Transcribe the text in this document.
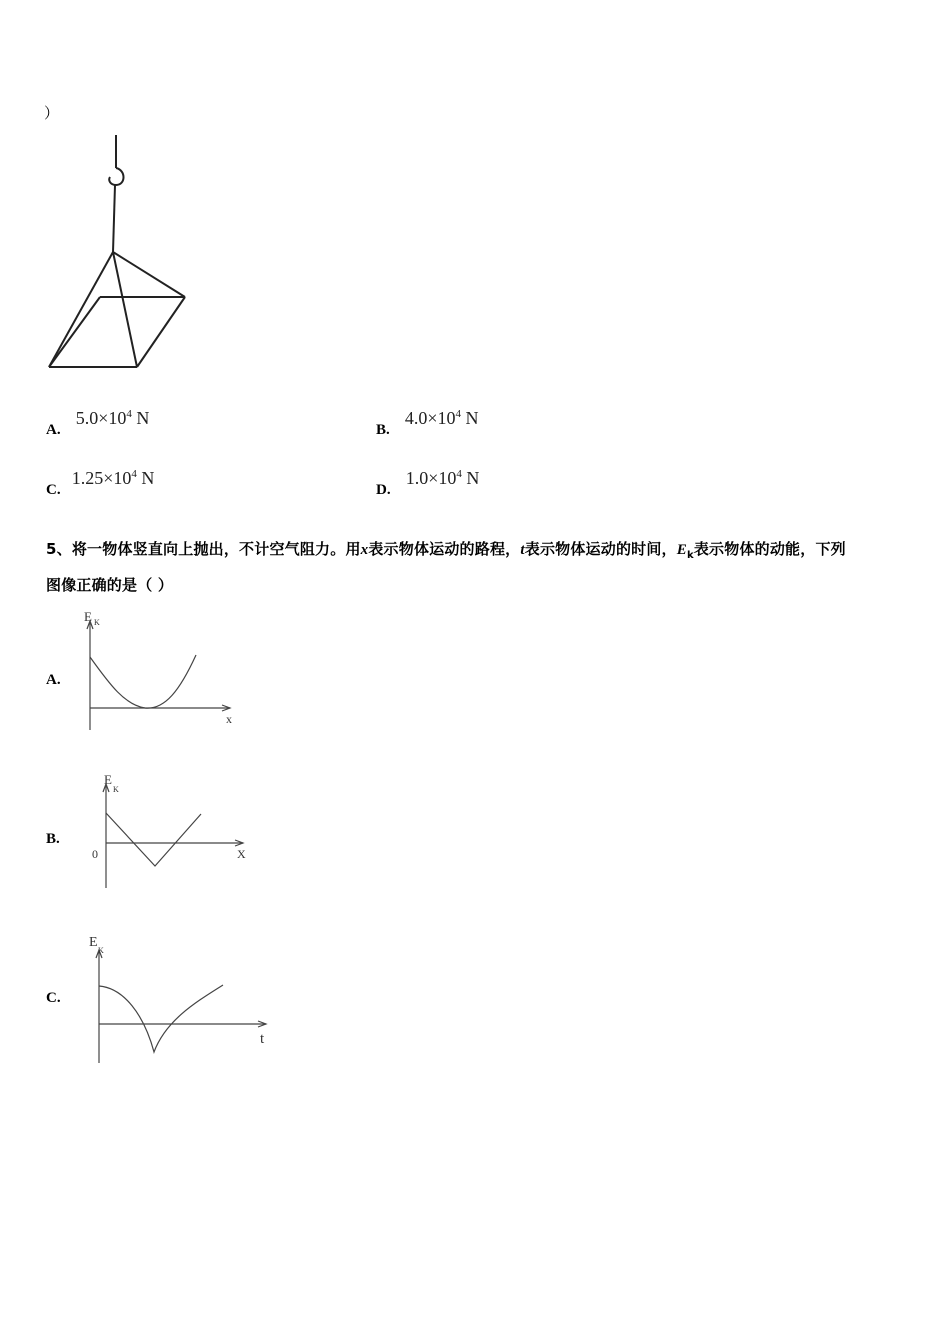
）
A. $5.0\times 10^4$ N
B. $4.0\times 10^4$ N
C. $1.25\times 10^4$ N
D. $1.0\times 10^4$ N
5、将一物体竖直向上抛出，不计空气阻力。用x表示物体运动的路程，t表示物体运动的时间，$E_k$表示物体的动能，下列
图像正确的是（ ）
A.
E K
x
B.
E
K
0	X
C.
E
K
t
